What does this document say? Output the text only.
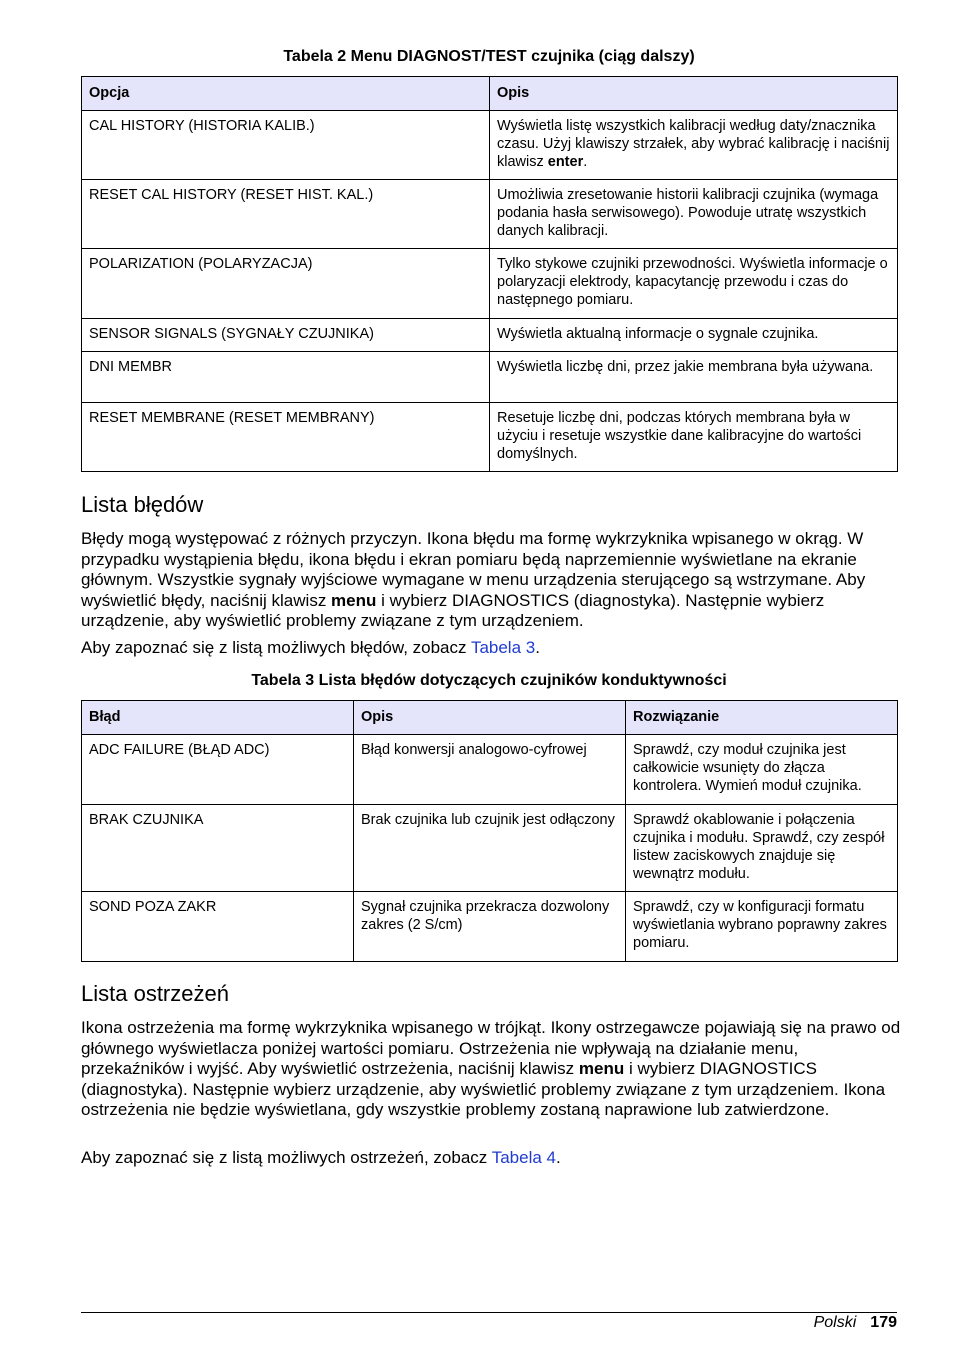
Tabela 2 Menu DIAGNOST/TEST czujnika (ciąg dalszy)
Opcja	Opis
CAL HISTORY (HISTORIA KALIB.)	Wyświetla listę wszystkich kalibracji według daty/znacznika czasu. Użyj klawiszy strzałek, aby wybrać kalibrację i naciśnij klawisz enter.
RESET CAL HISTORY (RESET HIST. KAL.)	Umożliwia zresetowanie historii kalibracji czujnika (wymaga podania hasła serwisowego). Powoduje utratę wszystkich danych kalibracji.
POLARIZATION (POLARYZACJA)	Tylko stykowe czujniki przewodności. Wyświetla informacje o polaryzacji elektrody, kapacytancję przewodu i czas do następnego pomiaru.
SENSOR SIGNALS (SYGNAŁY CZUJNIKA)	Wyświetla aktualną informacje o sygnale czujnika.
DNI MEMBR	Wyświetla liczbę dni, przez jakie membrana była używana.
RESET MEMBRANE (RESET MEMBRANY)	Resetuje liczbę dni, podczas których membrana była w użyciu i resetuje wszystkie dane kalibracyjne do wartości domyślnych.
Lista błędów

Błędy mogą występować z różnych przyczyn. Ikona błędu ma formę wykrzyknika wpisanego w okrąg. W przypadku wystąpienia błędu, ikona błędu i ekran pomiaru będą naprzemiennie wyświetlane na ekranie głównym. Wszystkie sygnały wyjściowe wymagane w menu urządzenia sterującego są wstrzymane. Aby wyświetlić błędy, naciśnij klawisz menu i wybierz DIAGNOSTICS (diagnostyka). Następnie wybierz urządzenie, aby wyświetlić problemy związane z tym urządzeniem.

Aby zapoznać się z listą możliwych błędów, zobacz Tabela 3.

Tabela 3 Lista błędów dotyczących czujników konduktywności
Błąd	Opis	Rozwiązanie
ADC FAILURE (BŁĄD ADC)	Błąd konwersji analogowo-cyfrowej	Sprawdź, czy moduł czujnika jest całkowicie wsunięty do złącza kontrolera. Wymień moduł czujnika.
BRAK CZUJNIKA	Brak czujnika lub czujnik jest odłączony	Sprawdź okablowanie i połączenia czujnika i modułu. Sprawdź, czy zespół listew zaciskowych znajduje się wewnątrz modułu.
SOND POZA ZAKR	Sygnał czujnika przekracza dozwolony zakres (2 S/cm)	Sprawdź, czy w konfiguracji formatu wyświetlania wybrano poprawny zakres pomiaru.
Lista ostrzeżeń

Ikona ostrzeżenia ma formę wykrzyknika wpisanego w trójkąt. Ikony ostrzegawcze pojawiają się na prawo od głównego wyświetlacza poniżej wartości pomiaru. Ostrzeżenia nie wpływają na działanie menu, przekaźników i wyjść. Aby wyświetlić ostrzeżenia, naciśnij klawisz menu i wybierz DIAGNOSTICS (diagnostyka). Następnie wybierz urządzenie, aby wyświetlić problemy związane z tym urządzeniem. Ikona ostrzeżenia nie będzie wyświetlana, gdy wszystkie problemy zostaną naprawione lub zatwierdzone.

Aby zapoznać się z listą możliwych ostrzeżeń, zobacz Tabela 4.

Polski 179
